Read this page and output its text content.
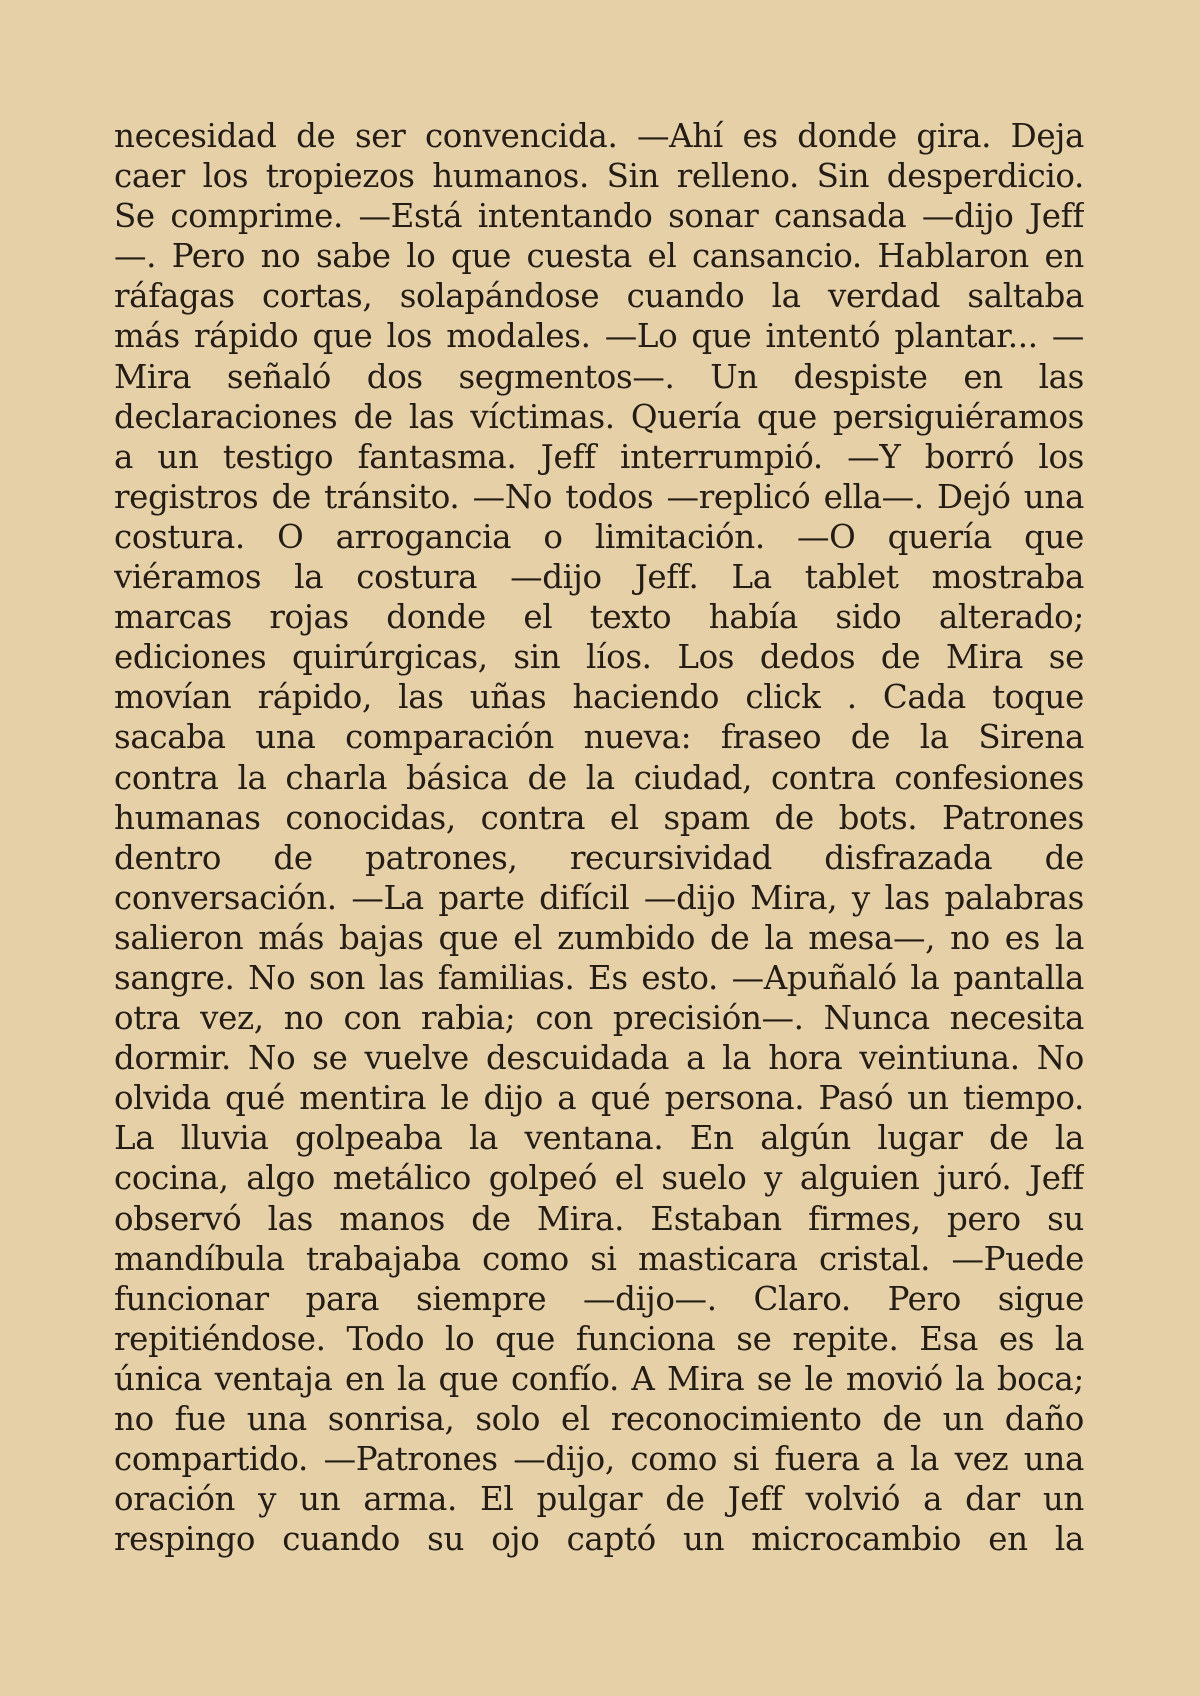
necesidad de ser convencida. —Ahí es donde gira. Deja
caer los tropiezos humanos. Sin relleno. Sin desperdicio.
Se comprime. —Está intentando sonar cansada —dijo Jeff
—. Pero no sabe lo que cuesta el cansancio. Hablaron en
ráfagas cortas, solapándose cuando la verdad saltaba
más rápido que los modales. —Lo que intentó plantar... —
Mira señaló dos segmentos—. Un despiste en las
declaraciones de las víctimas. Quería que persiguiéramos
a un testigo fantasma. Jeff interrumpió. —Y borró los
registros de tránsito. —No todos —replicó ella—. Dejó una
costura. O arrogancia o limitación. —O quería que
viéramos la costura —dijo Jeff. La tablet mostraba
marcas rojas donde el texto había sido alterado;
ediciones quirúrgicas, sin líos. Los dedos de Mira se
movían rápido, las uñas haciendo click . Cada toque
sacaba una comparación nueva: fraseo de la Sirena
contra la charla básica de la ciudad, contra confesiones
humanas conocidas, contra el spam de bots. Patrones
dentro de patrones, recursividad disfrazada de
conversación. —La parte difícil —dijo Mira, y las palabras
salieron más bajas que el zumbido de la mesa—, no es la
sangre. No son las familias. Es esto. —Apuñaló la pantalla
otra vez, no con rabia; con precisión—. Nunca necesita
dormir. No se vuelve descuidada a la hora veintiuna. No
olvida qué mentira le dijo a qué persona. Pasó un tiempo.
La lluvia golpeaba la ventana. En algún lugar de la
cocina, algo metálico golpeó el suelo y alguien juró. Jeff
observó las manos de Mira. Estaban firmes, pero su
mandíbula trabajaba como si masticara cristal. —Puede
funcionar para siempre —dijo—. Claro. Pero sigue
repitiéndose. Todo lo que funciona se repite. Esa es la
única ventaja en la que confío. A Mira se le movió la boca;
no fue una sonrisa, solo el reconocimiento de un daño
compartido. —Patrones —dijo, como si fuera a la vez una
oración y un arma. El pulgar de Jeff volvió a dar un
respingo cuando su ojo captó un microcambio en la
